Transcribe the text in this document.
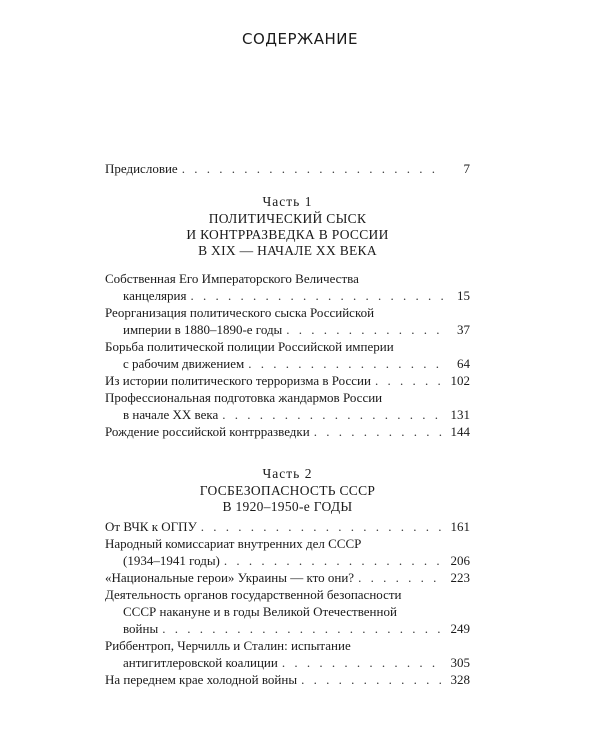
СОДЕРЖАНИЕ
Предисловие . . .	7
Часть 1
ПОЛИТИЧЕСКИЙ СЫСК
И КОНТРРАЗВЕДКА В РОССИИ
В XIX — НАЧАЛЕ XX ВЕКА
Собственная Его Императорского Величества
канцелярия . . .	15
Реорганизация политического сыска Российской
империи в 1880–1890-е годы . . .	37
Борьба политической полиции Российской империи
с рабочим движением . . .	64
Из истории политического терроризма в России . . .	102
Профессиональная подготовка жандармов России
в начале XX века . . .	131
Рождение российской контрразведки . . .	144
Часть 2
ГОСБЕЗОПАСНОСТЬ СССР
В 1920–1950-е ГОДЫ
От ВЧК к ОГПУ . . .	161
Народный комиссариат внутренних дел СССР
(1934–1941 годы) . . .	206
«Национальные герои» Украины — кто они? . . .	223
Деятельность органов государственной безопасности
СССР накануне и в годы Великой Отечественной
войны . . .	249
Риббентроп, Черчилль и Сталин: испытание
антигитлеровской коалиции . . .	305
На переднем крае холодной войны . . .	328
